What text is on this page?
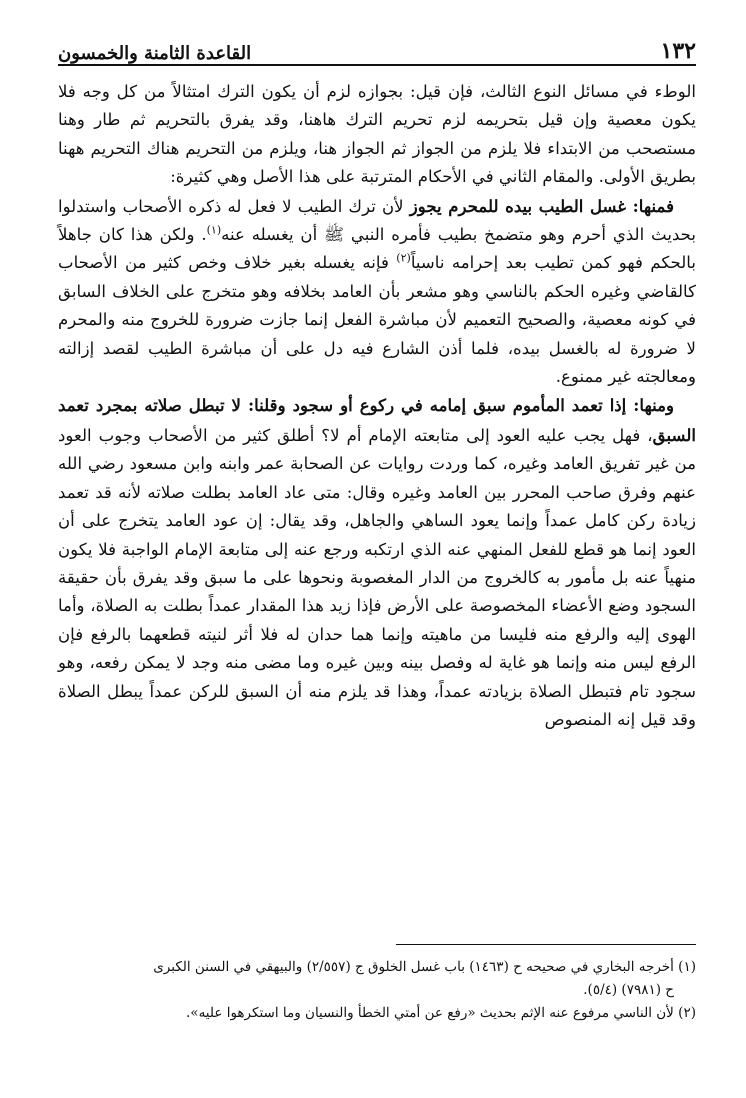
١٣٢
القاعدة الثامنة والخمسون

الوطء في مسائل النوع الثالث، فإن قيل: بجوازه لزم أن يكون الترك امتثالاً من كل وجه فلا يكون معصية وإن قيل بتحريمه لزم تحريم الترك هاهنا، وقد يفرق بالتحريم ثم طار وهنا مستصحب من الابتداء فلا يلزم من الجواز ثم الجواز هنا، ويلزم من التحريم هناك التحريم ههنا بطريق الأولى. والمقام الثاني في الأحكام المترتبة على هذا الأصل وهي كثيرة:

فمنها: غسل الطيب بيده للمحرم يجوز لأن ترك الطيب لا فعل له ذكره الأصحاب واستدلوا بحديث الذي أحرم وهو متضمخ بطيب فأمره النبي ﷺ أن يغسله عنه$^{(١)}$. ولكن هذا كان جاهلاً بالحكم فهو كمن تطيب بعد إحرامه ناسياً$^{(٢)}$ فإنه يغسله بغير خلاف وخص كثير من الأصحاب كالقاضي وغيره الحكم بالناسي وهو مشعر بأن العامد بخلافه وهو متخرج على الخلاف السابق في كونه معصية، والصحيح التعميم لأن مباشرة الفعل إنما جازت ضرورة للخروج منه والمحرم لا ضرورة له بالغسل بيده، فلما أذن الشارع فيه دل على أن مباشرة الطيب لقصد إزالته ومعالجته غير ممنوع.

ومنها: إذا تعمد المأموم سبق إمامه في ركوع أو سجود وقلنا: لا تبطل صلاته بمجرد تعمد السبق، فهل يجب عليه العود إلى متابعته الإمام أم لا؟ أطلق كثير من الأصحاب وجوب العود من غير تفريق العامد وغيره، كما وردت روايات عن الصحابة عمر وابنه وابن مسعود رضي الله عنهم وفرق صاحب المحرر بين العامد وغيره وقال: متى عاد العامد بطلت صلاته لأنه قد تعمد زيادة ركن كامل عمداً وإنما يعود الساهي والجاهل، وقد يقال: إن عود العامد يتخرج على أن العود إنما هو قطع للفعل المنهي عنه الذي ارتكبه ورجع عنه إلى متابعة الإمام الواجبة فلا يكون منهياً عنه بل مأمور به كالخروج من الدار المغصوبة ونحوها على ما سبق وقد يفرق بأن حقيقة السجود وضع الأعضاء المخصوصة على الأرض فإذا زيد هذا المقدار عمداً بطلت به الصلاة، وأما الهوى إليه والرفع منه فليسا من ماهيته وإنما هما حدان له فلا أثر لنيته قطعهما بالرفع فإن الرفع ليس منه وإنما هو غاية له وفصل بينه وبين غيره وما مضى منه وجد لا يمكن رفعه، وهو سجود تام فتبطل الصلاة بزيادته عمداً، وهذا قد يلزم منه أن السبق للركن عمداً يبطل الصلاة وقد قيل إنه المنصوص

(١) أخرجه البخاري في صحيحه ح (١٤٦٣) باب غسل الخلوق ج (٢/٥٥٧) والبيهقي في السنن الكبرى

ح (٧٩٨١) (٥/٤).

(٢) لأن الناسي مرفوع عنه الإثم بحديث «رفع عن أمتي الخطأ والنسيان وما استكرهوا عليه».
